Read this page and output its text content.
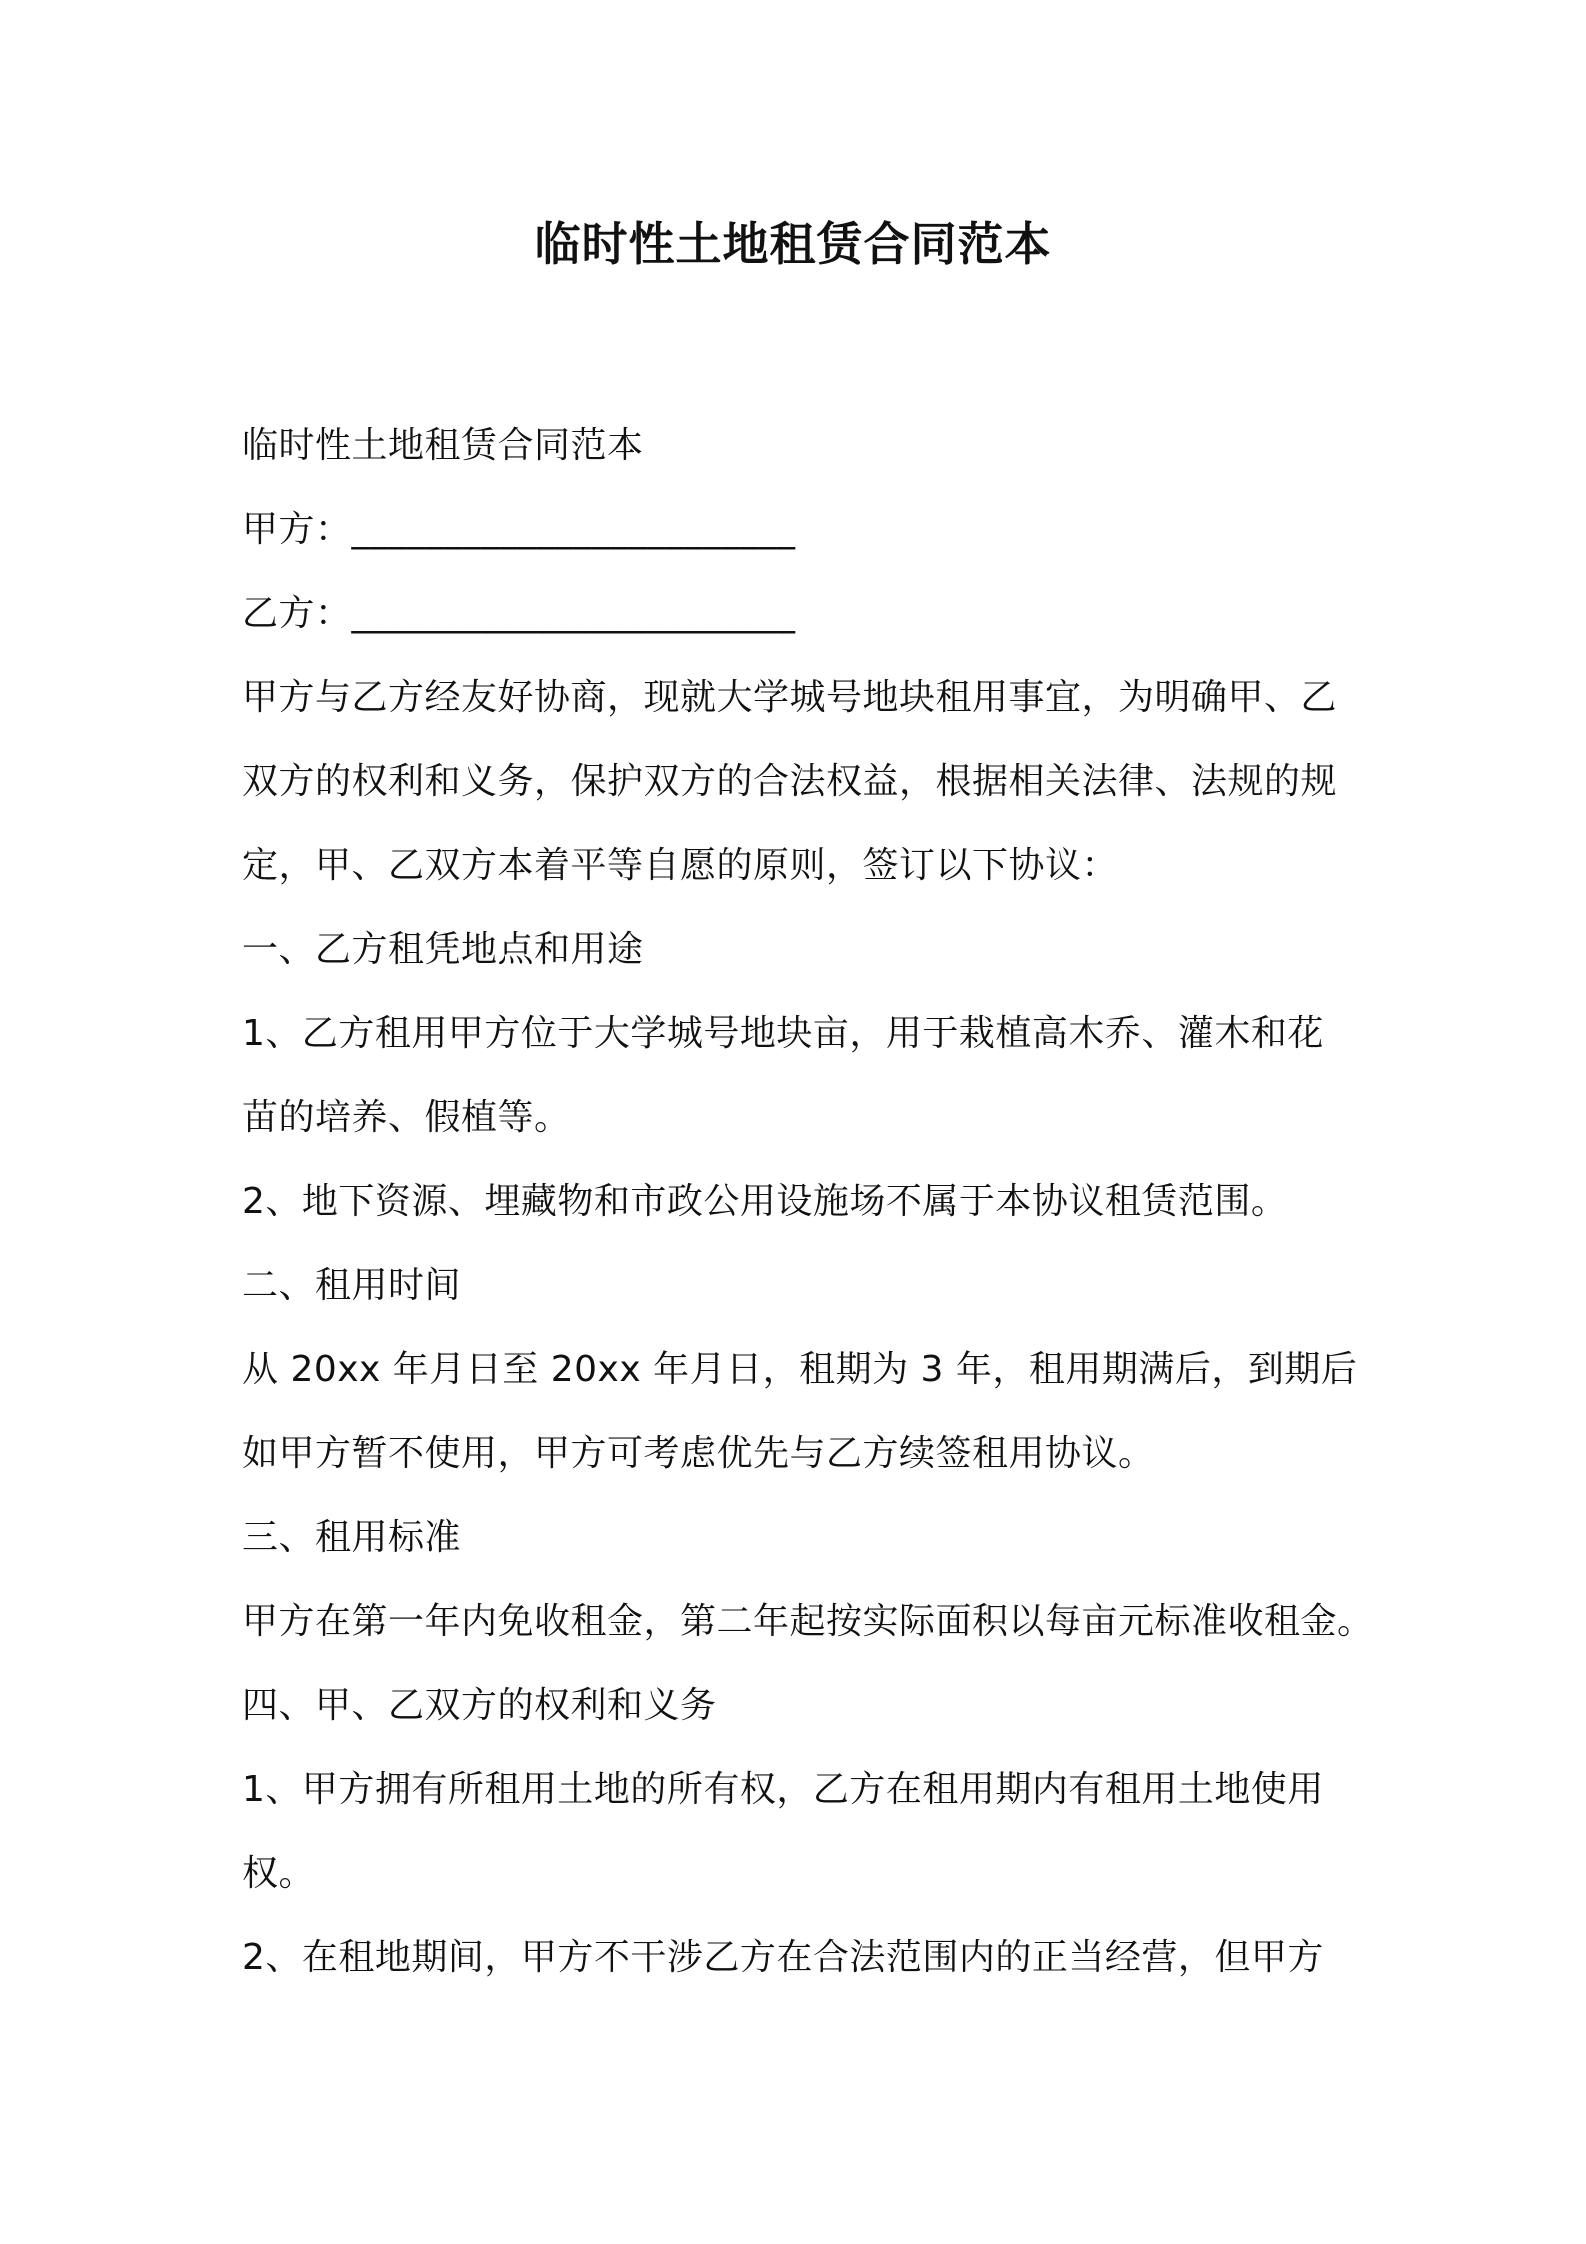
临时性土地租赁合同范本
临时性土地租赁合同范本
甲方：________________________
乙方：________________________
甲方与乙方经友好协商，现就大学城号地块租用事宜，为明确甲、乙
双方的权利和义务，保护双方的合法权益，根据相关法律、法规的规
定，甲、乙双方本着平等自愿的原则，签订以下协议：
一、乙方租凭地点和用途
1、乙方租用甲方位于大学城号地块亩，用于栽植高木乔、灌木和花
苗的培养、假植等。
2、地下资源、埋藏物和市政公用设施场不属于本协议租赁范围。
二、租用时间
从 20xx 年月日至 20xx 年月日，租期为 3 年，租用期满后，到期后
如甲方暂不使用，甲方可考虑优先与乙方续签租用协议。
三、租用标准
甲方在第一年内免收租金，第二年起按实际面积以每亩元标准收租金。
四、甲、乙双方的权利和义务
1、甲方拥有所租用土地的所有权，乙方在租用期内有租用土地使用
权。
2、在租地期间，甲方不干涉乙方在合法范围内的正当经营，但甲方
